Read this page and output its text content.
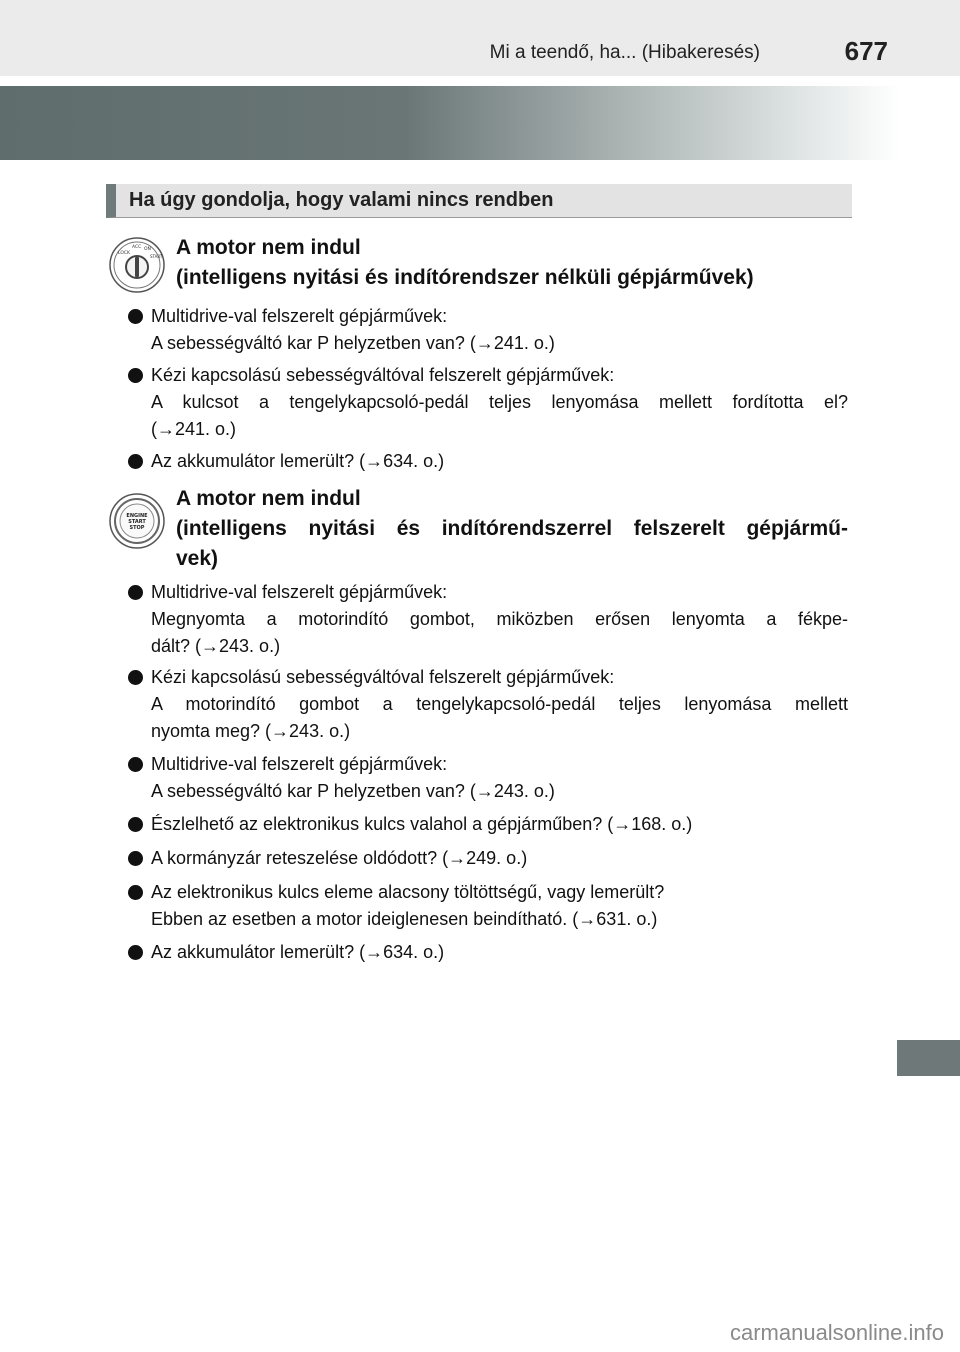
Mi a teendő, ha... (Hibakeresés)	677
Ha úgy gondolja, hogy valami nincs rendben
LOCK
ACC ON
START A motor nem indul
(intelligens nyitási és indítórendszer nélküli gépjárművek)
Multidrive-val felszerelt gépjárművek:
A sebességváltó kar P helyzetben van? (→241. o.)
Kézi kapcsolású sebességváltóval felszerelt gépjárművek:
A kulcsot a tengelykapcsoló-pedál teljes lenyomása mellett fordította el?
(→241. o.)
Az akkumulátor lemerült? (→634. o.)
ENGINE
START
STOP
A motor nem indul
(intelligens nyitási és indítórendszerrel felszerelt gépjármű-
vek)
Multidrive-val felszerelt gépjárművek:
Megnyomta a motorindító gombot, miközben erősen lenyomta a fékpe-
dált? (→243. o.)
Kézi kapcsolású sebességváltóval felszerelt gépjárművek:
A motorindító gombot a tengelykapcsoló-pedál teljes lenyomása mellett
nyomta meg? (→243. o.)
Multidrive-val felszerelt gépjárművek:
A sebességváltó kar P helyzetben van? (→243. o.)
Észlelhető az elektronikus kulcs valahol a gépjárműben? (→168. o.)
A kormányzár reteszelése oldódott? (→249. o.)
Az elektronikus kulcs eleme alacsony töltöttségű, vagy lemerült?
Ebben az esetben a motor ideiglenesen beindítható. (→631. o.)
Az akkumulátor lemerült? (→634. o.)
carmanualsonline.info
